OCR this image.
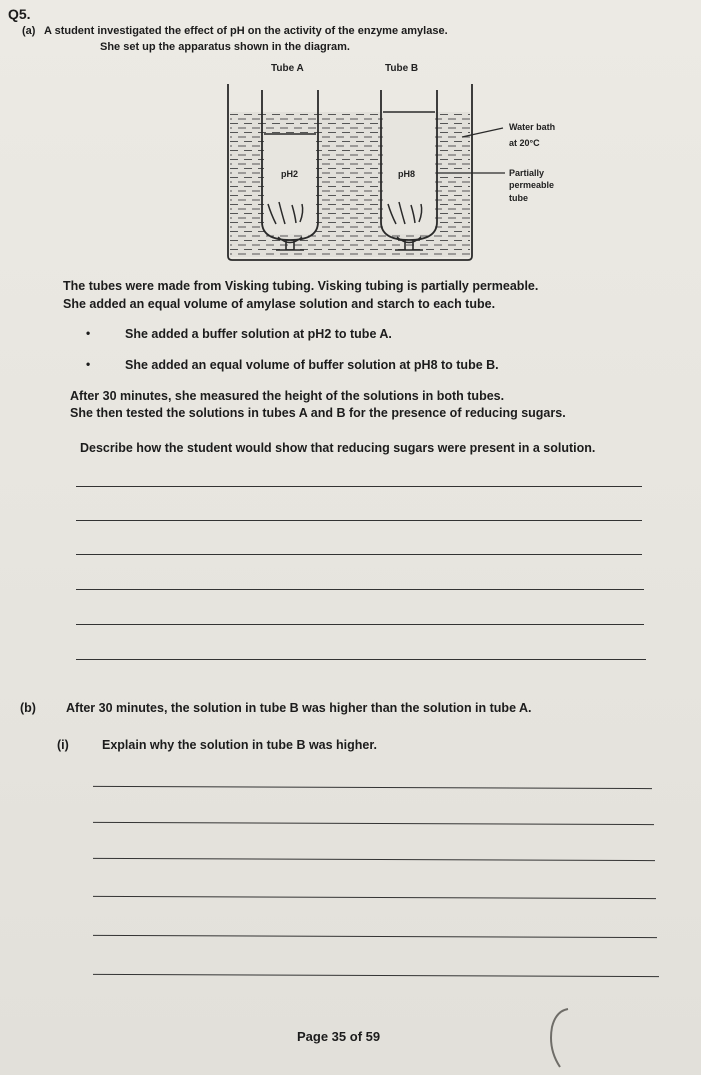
Q5.
(a) A student investigated the effect of pH on the activity of the enzyme amylase.
She set up the apparatus shown in the diagram.
Tube A	Tube B
pH2	pH8
Water bath
at 20°C
Partially
permeable
tube
The tubes were made from Visking tubing. Visking tubing is partially permeable.
She added an equal volume of amylase solution and starch to each tube.
•	She added a buffer solution at pH2 to tube A.
•	She added an equal volume of buffer solution at pH8 to tube B.
After 30 minutes, she measured the height of the solutions in both tubes.
She then tested the solutions in tubes A and B for the presence of reducing sugars.
Describe how the student would show that reducing sugars were present in a solution.
(b) After 30 minutes, the solution in tube B was higher than the solution in tube A.
(i)	Explain why the solution in tube B was higher.
Page 35 of 59
